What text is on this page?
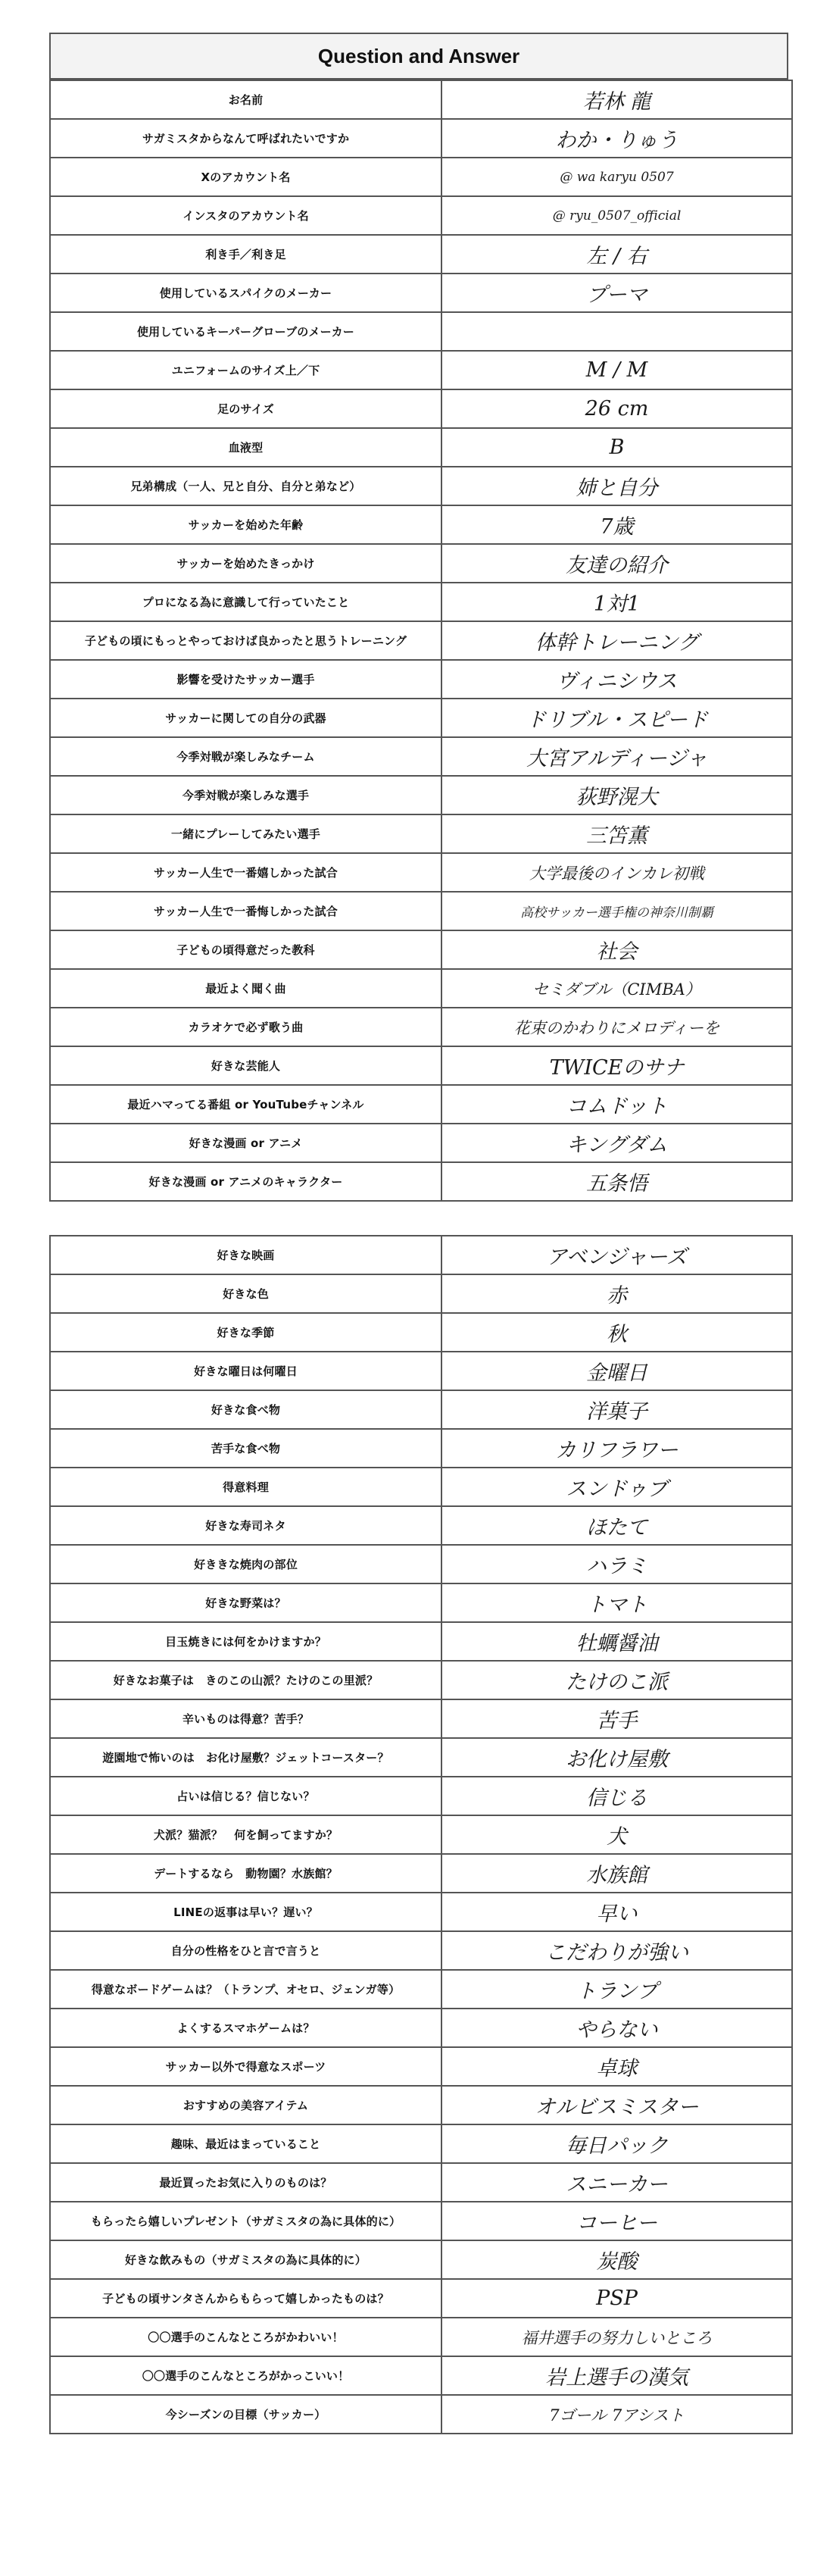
Question and Answer
お名前	若林 龍
サガミスタからなんて呼ばれたいですか	わか・りゅう
Xのアカウント名	@ wa karyu 0507
インスタのアカウント名	@ ryu_0507_official
利き手／利き足	左 / 右
使用しているスパイクのメーカー	プーマ
使用しているキーパーグローブのメーカー	
ユニフォームのサイズ上／下	M / M
足のサイズ	26 cm
血液型	B
兄弟構成（一人、兄と自分、自分と弟など）	姉と自分
サッカーを始めた年齢	7歳
サッカーを始めたきっかけ	友達の紹介
プロになる為に意識して行っていたこと	1対1
子どもの頃にもっとやっておけば良かったと思うトレーニング	体幹トレーニング
影響を受けたサッカー選手	ヴィニシウス
サッカーに関しての自分の武器	ドリブル・スピード
今季対戦が楽しみなチーム	大宮アルディージャ
今季対戦が楽しみな選手	荻野滉大
一緒にプレーしてみたい選手	三笘薫
サッカー人生で一番嬉しかった試合	大学最後のインカレ初戦
サッカー人生で一番悔しかった試合	高校サッカー選手権の神奈川制覇
子どもの頃得意だった教科	社会
最近よく聞く曲	セミダブル（CIMBA）
カラオケで必ず歌う曲	花束のかわりにメロディーを
好きな芸能人	TWICEのサナ
最近ハマってる番組 or YouTubeチャンネル	コムドット
好きな漫画 or アニメ	キングダム
好きな漫画 or アニメのキャラクター	五条悟
好きな映画	アベンジャーズ
好きな色	赤
好きな季節	秋
好きな曜日は何曜日	金曜日
好きな食べ物	洋菓子
苦手な食べ物	カリフラワー
得意料理	スンドゥブ
好きな寿司ネタ	ほたて
好ききな焼肉の部位	ハラミ
好きな野菜は？	トマト
目玉焼きには何をかけますか？	牡蠣醤油
好きなお菓子は　きのこの山派？たけのこの里派？	たけのこ派
辛いものは得意？苦手？	苦手
遊園地で怖いのは　お化け屋敷？ジェットコースター？	お化け屋敷
占いは信じる？信じない？	信じる
犬派？猫派？　何を飼ってますか？	犬
デートするなら　動物園？水族館？	水族館
LINEの返事は早い？遅い？	早い
自分の性格をひと言で言うと	こだわりが強い
得意なボードゲームは？（トランプ、オセロ、ジェンガ等）	トランプ
よくするスマホゲームは？	やらない
サッカー以外で得意なスポーツ	卓球
おすすめの美容アイテム	オルビスミスター
趣味、最近はまっていること	毎日パック
最近買ったお気に入りのものは？	スニーカー
もらったら嬉しいプレゼント（サガミスタの為に具体的に）	コーヒー
好きな飲みもの（サガミスタの為に具体的に）	炭酸
子どもの頃サンタさんからもらって嬉しかったものは？	PSP
〇〇選手のこんなところがかわいい！	福井選手の努力しいところ
〇〇選手のこんなところがかっこいい！	岩上選手の漢気
今シーズンの目標（サッカー）	7ゴール 7アシスト
